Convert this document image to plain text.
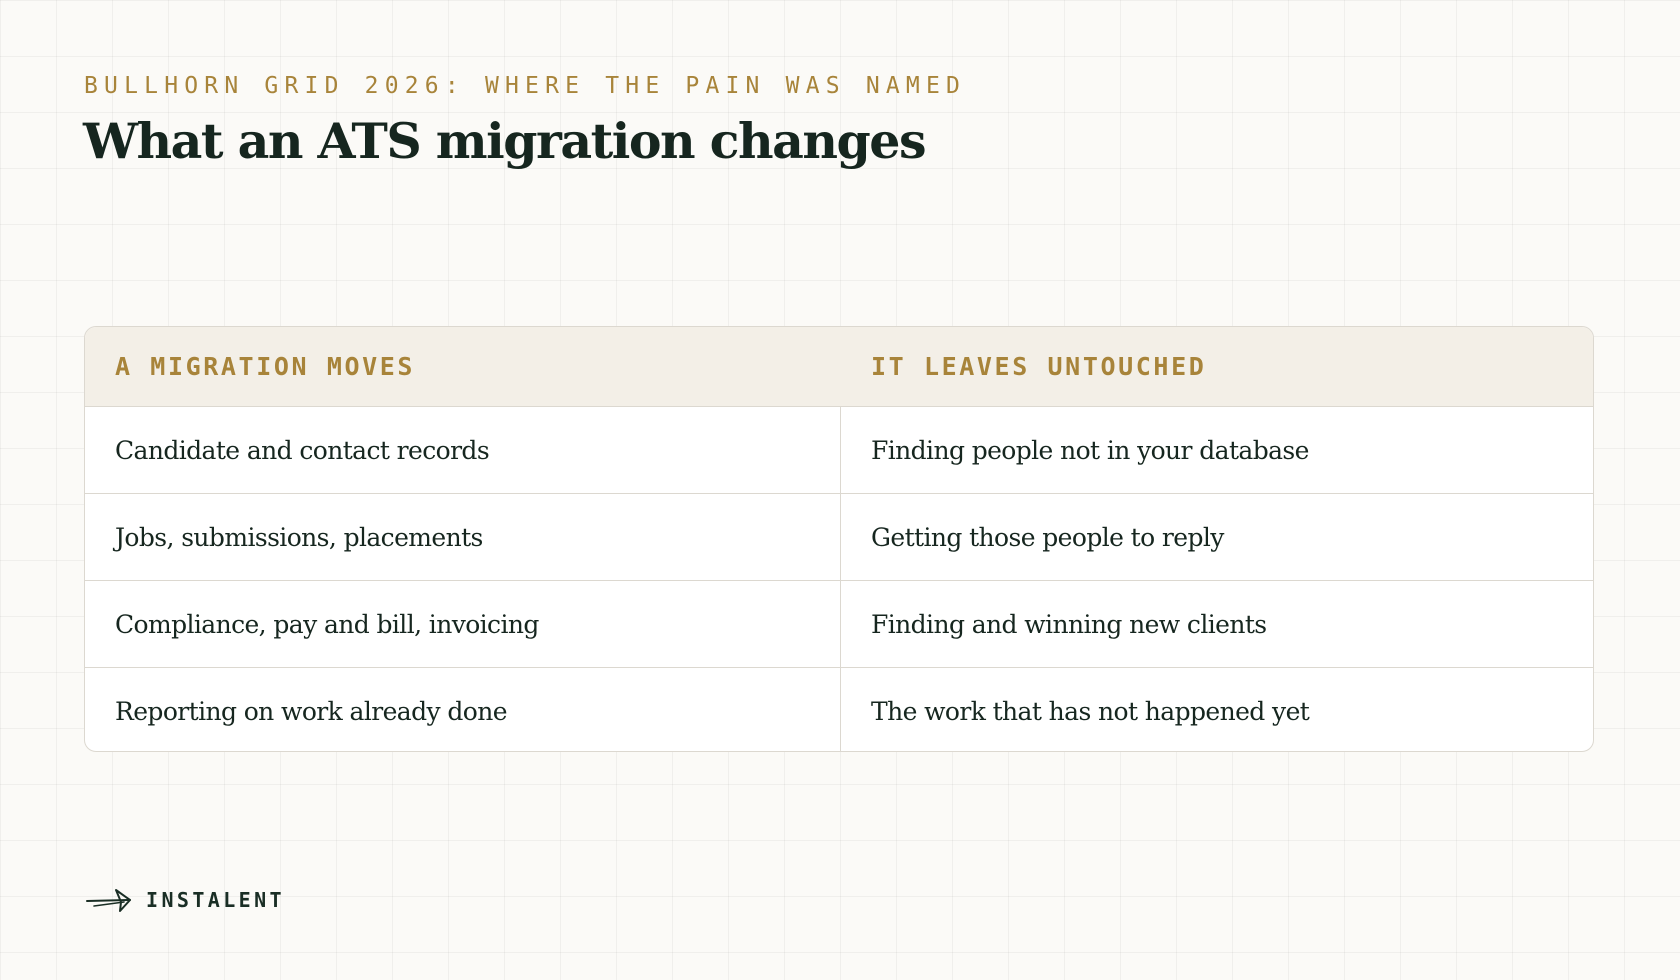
BULLHORN GRID 2026: WHERE THE PAIN WAS NAMED
What an ATS migration changes
A MIGRATION MOVES	IT LEAVES UNTOUCHED
Candidate and contact records	Finding people not in your database
Jobs, submissions, placements	Getting those people to reply
Compliance, pay and bill, invoicing	Finding and winning new clients
Reporting on work already done	The work that has not happened yet
INSTALENT
